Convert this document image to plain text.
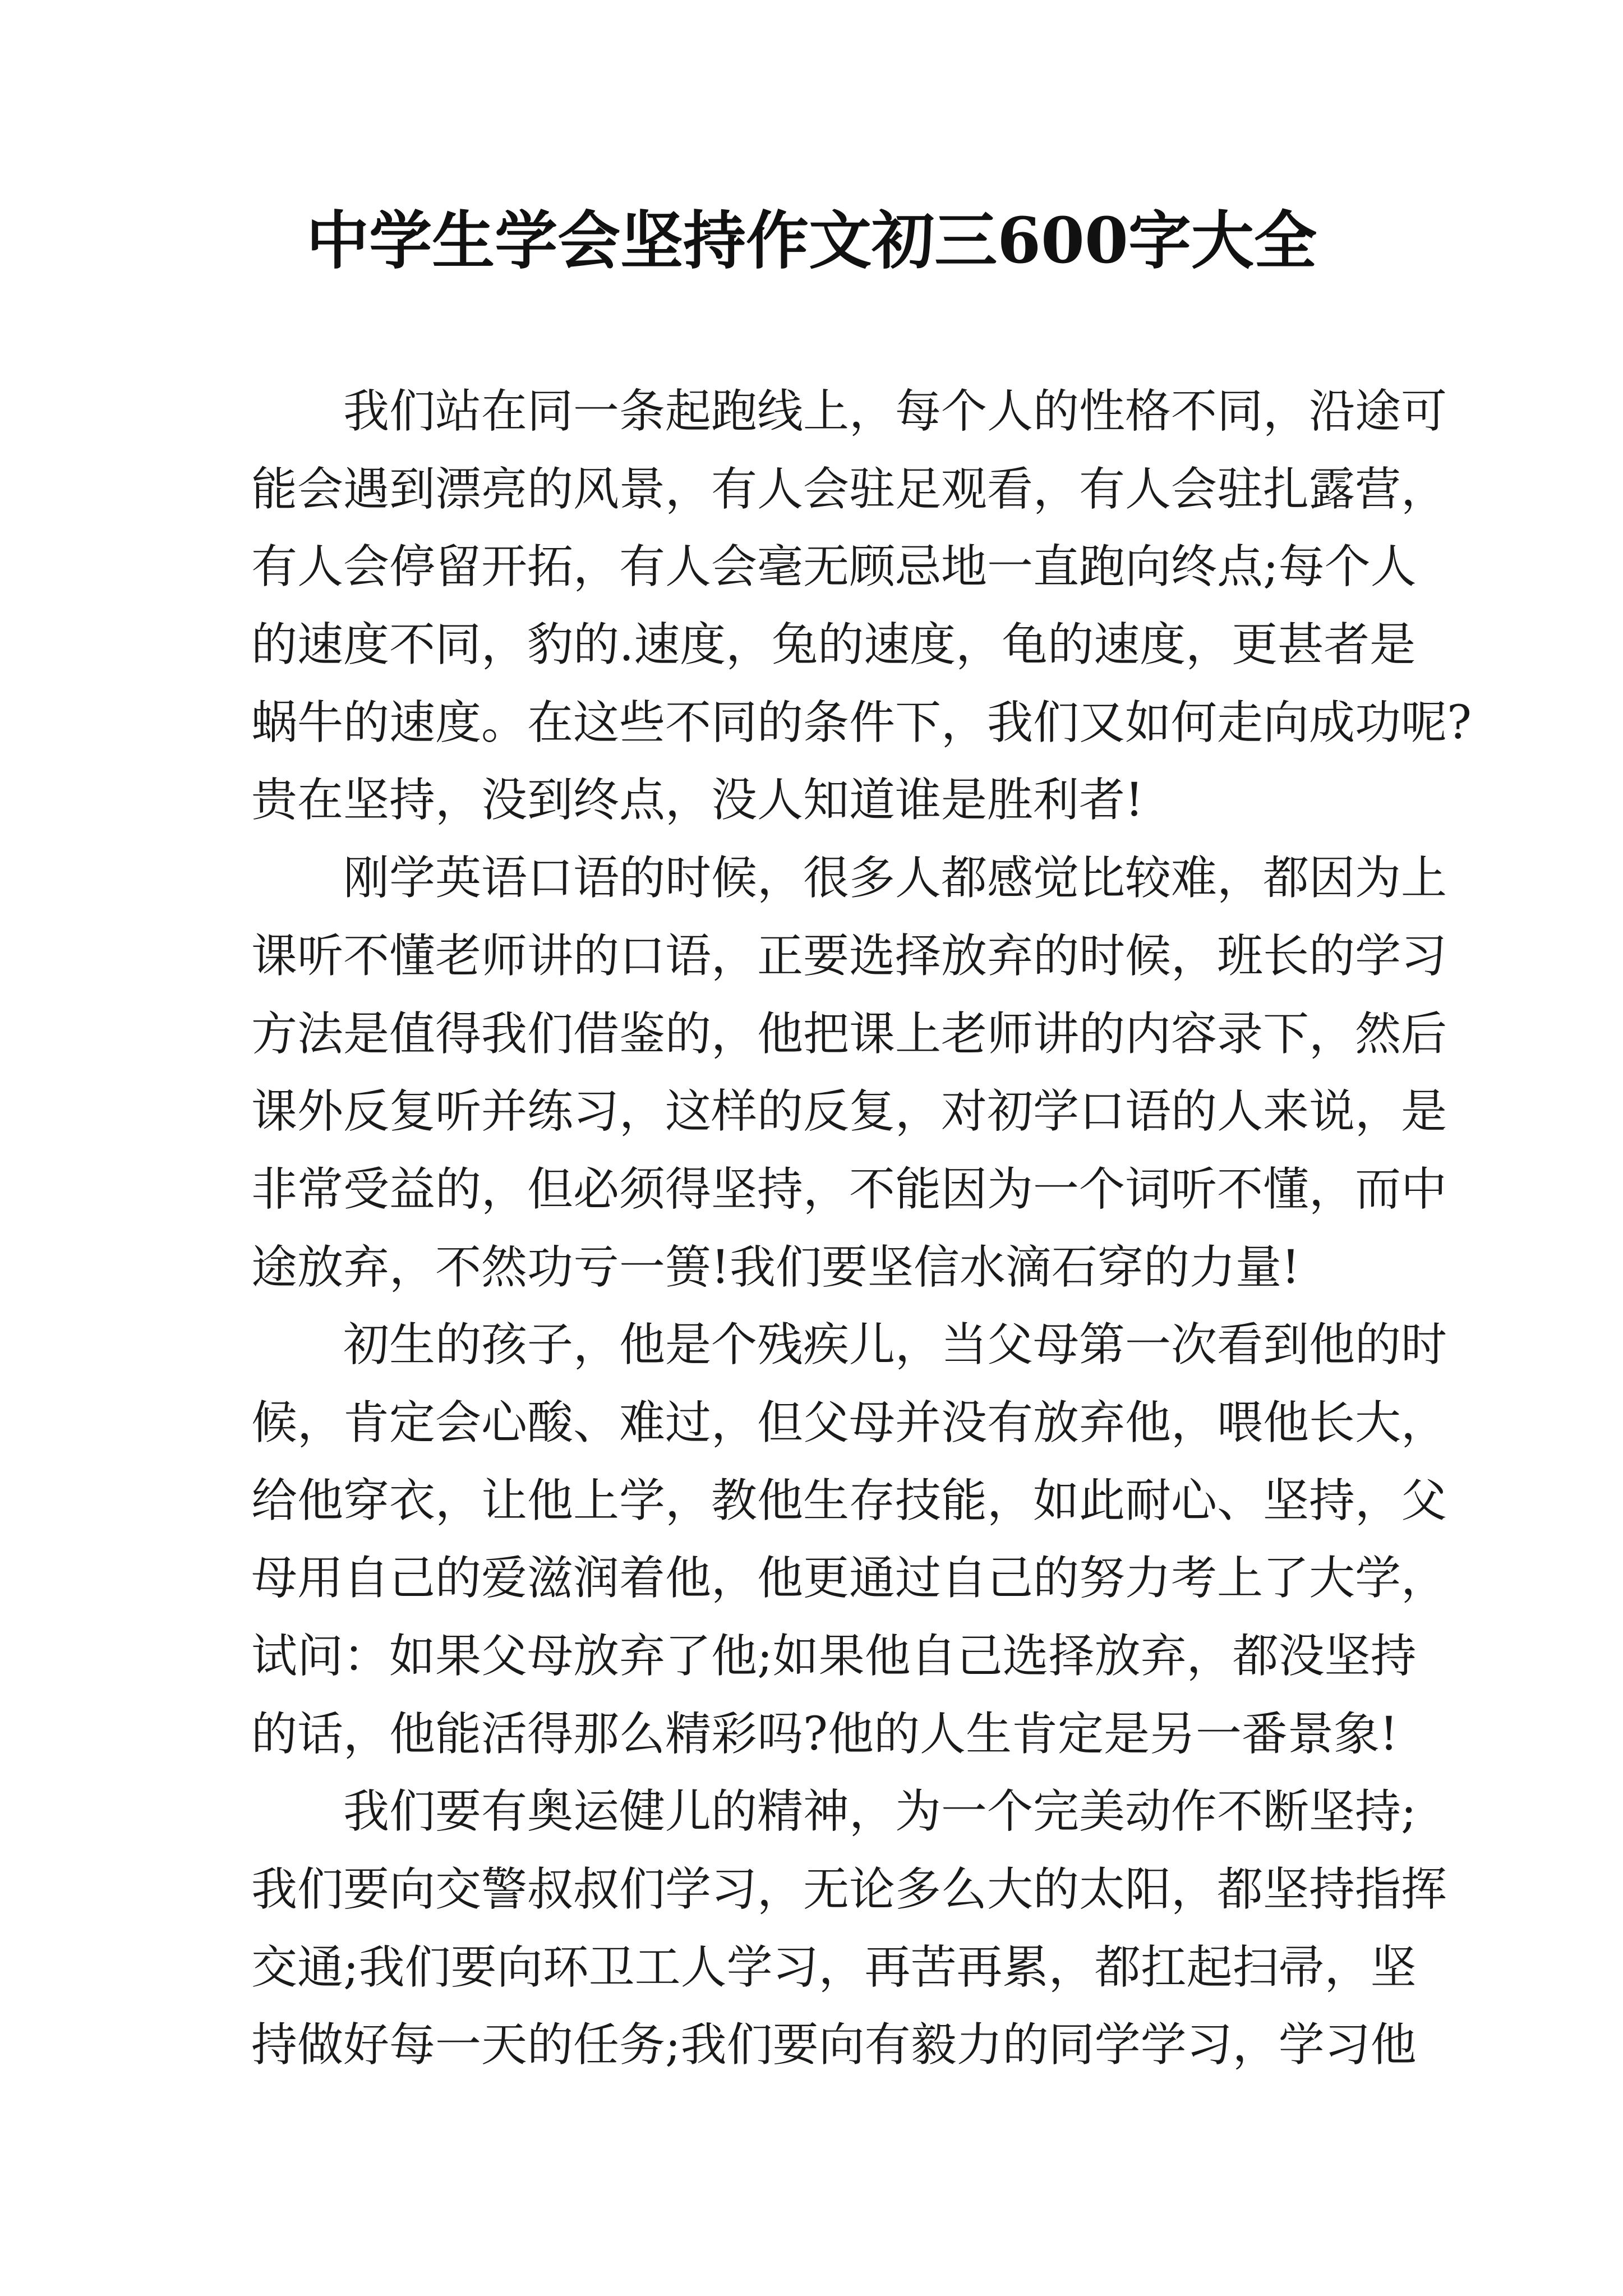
中学生学会坚持作文初三600字大全

我们站在同一条起跑线上，每个人的性格不同，沿途可
能会遇到漂亮的风景，有人会驻足观看，有人会驻扎露营，
有人会停留开拓，有人会毫无顾忌地一直跑向终点;每个人
的速度不同，豹的.速度，兔的速度，龟的速度，更甚者是
蜗牛的速度。在这些不同的条件下，我们又如何走向成功呢?
贵在坚持，没到终点，没人知道谁是胜利者!

刚学英语口语的时候，很多人都感觉比较难，都因为上
课听不懂老师讲的口语，正要选择放弃的时候，班长的学习
方法是值得我们借鉴的，他把课上老师讲的内容录下，然后
课外反复听并练习，这样的反复，对初学口语的人来说，是
非常受益的，但必须得坚持，不能因为一个词听不懂，而中
途放弃，不然功亏一篑!我们要坚信水滴石穿的力量!

初生的孩子，他是个残疾儿，当父母第一次看到他的时
候，肯定会心酸、难过，但父母并没有放弃他，喂他长大，
给他穿衣，让他上学，教他生存技能，如此耐心、坚持，父
母用自己的爱滋润着他，他更通过自己的努力考上了大学，
试问：如果父母放弃了他;如果他自己选择放弃，都没坚持
的话，他能活得那么精彩吗?他的人生肯定是另一番景象!

我们要有奥运健儿的精神，为一个完美动作不断坚持;
我们要向交警叔叔们学习，无论多么大的太阳，都坚持指挥
交通;我们要向环卫工人学习，再苦再累，都扛起扫帚，坚
持做好每一天的任务;我们要向有毅力的同学学习，学习他
